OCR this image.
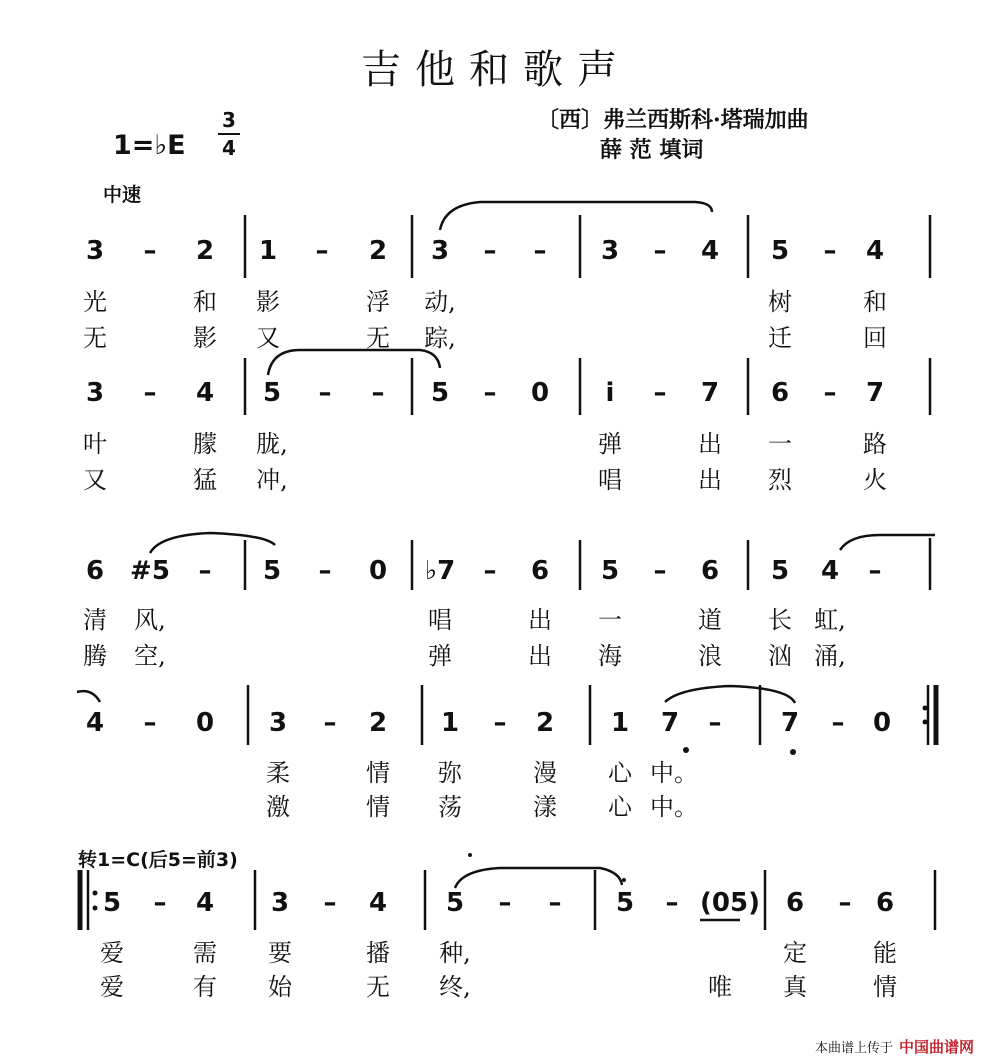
吉他和歌声
1=♭E
3
4
〔西〕弗兰西斯科·塔瑞加曲
薛 范 填词
中速
转1=C(后5=前3)
3	–	2	1	–	2	3	–	–	3	–	4	5	–	4
光	和	影	浮	动,	树	和
无	影	又	无	踪,	迁	回
3	–	4	5	–	–	5	–	0	i	–	7	6	–	7
叶	朦	胧,	弹	出	一	路
又	猛	冲,	唱	出	烈	火
6	#5	–	5	–	0	♭7	–	6	5	–	6	5	4	–
清	风,	唱	出	一	道	长 虹,
腾	空,	弹	出	海	浪	汹 涌,
4	–	0	3	–	2	1	–	2	1	7	–	7	–	0
柔	情	弥	漫	心 中。
激	情	荡	漾	心 中。
5	–	4	3	–	4	5	–	–	5	– (05)	6	– 6
爱	需	要	播	种,	定	能
爱	有	始	无	终,	唯	真	情
本曲谱上传于 中国曲谱网
